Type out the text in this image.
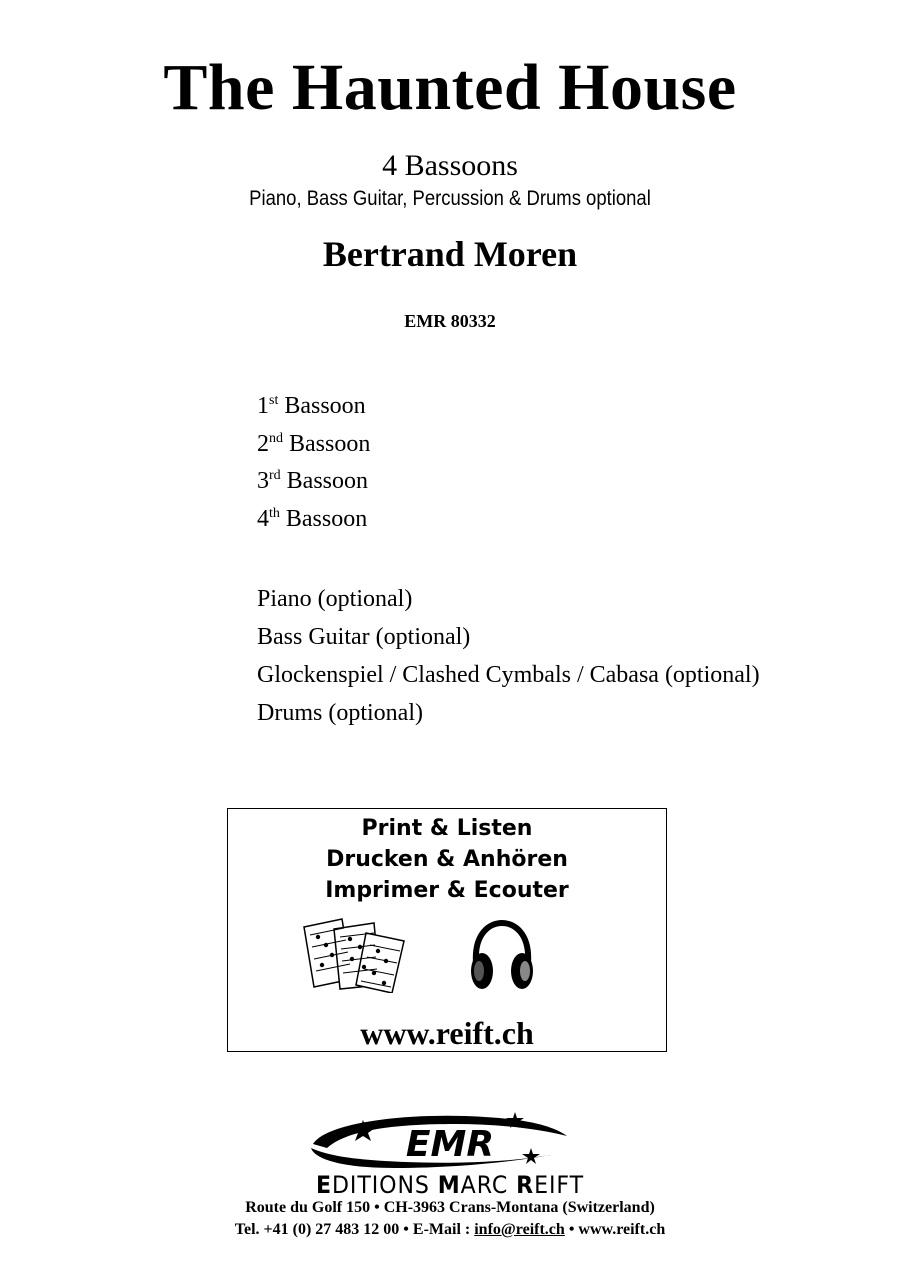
The Haunted House
4 Bassoons
Piano, Bass Guitar, Percussion & Drums optional
Bertrand Moren
EMR 80332
1st Bassoon
2nd Bassoon
3rd Bassoon
4th Bassoon
Piano (optional)
Bass Guitar (optional)
Glockenspiel / Clashed Cymbals / Cabasa (optional)
Drums (optional)
Print & Listen
Drucken & Anhören
Imprimer & Ecouter
www.reift.ch
EMR
EDITIONS MARC REIFT
Route du Golf 150 • CH-3963 Crans-Montana (Switzerland)
Tel. +41 (0) 27 483 12 00 • E-Mail : info@reift.ch • www.reift.ch
